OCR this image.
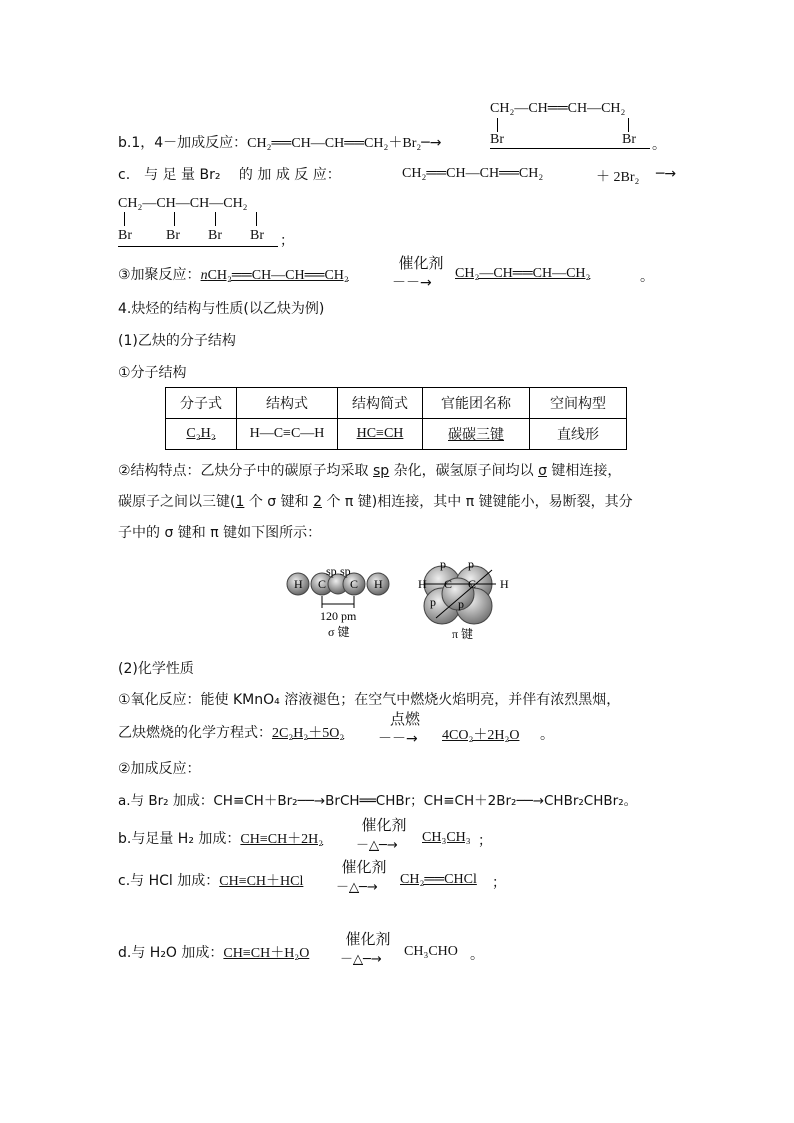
CH₂—CH══CH—CH₂
b.1，4－加成反应：CH₂══CH—CH══CH₂＋Br₂─→	Br	Br 。
c.　与 足 量 Br₂　 的 加 成 反 应：	CH₂══CH—CH══CH₂	＋ 2Br₂ ─→
CH₂—CH—CH—CH₂
Br Br Br Br ；
③加聚反应：nCH₂══CH—CH══CH₂
催化剂
－－→
CH₂—CH══CH—CH₂	。
4.炔烃的结构与性质(以乙炔为例)
(1)乙炔的分子结构
①分子结构
分子式	结构式	结构简式	官能团名称	空间构型
C₂H₂	H—C≡C—H	HC≡CH	碳碳三键	直线形
②结构特点：乙炔分子中的碳原子均采取 sp 杂化，碳氢原子间均以 σ 键相连接，
碳原子之间以三键(1 个 σ 键和 2 个 π 键)相连接，其中 π 键键能小，易断裂，其分
子中的 σ 键和 π 键如下图所示：
H C C H
sp sp
120 pm
σ 键
H C C H
p p
p p
π 键
(2)化学性质
①氧化反应：能使 KMnO₄ 溶液褪色；在空气中燃烧火焰明亮，并伴有浓烈黑烟，
乙炔燃烧的化学方程式：2C₂H₂＋5O₂
点燃
－－→ 4CO₂＋2H₂O 。
②加成反应：
a.与 Br₂ 加成：CH≡CH＋Br₂──→BrCH══CHBr；CH≡CH＋2Br₂──→CHBr₂CHBr₂。
b.与足量 H₂ 加成：CH≡CH＋2H₂
催化剂
－△─→
CH₃CH₃ ；
c.与 HCl 加成：CH≡CH＋HCl
催化剂
－△─→
CH₂══CHCl ；
d.与 H₂O 加成：CH≡CH＋H₂O
催化剂
－△─→
CH₃CHO 。
